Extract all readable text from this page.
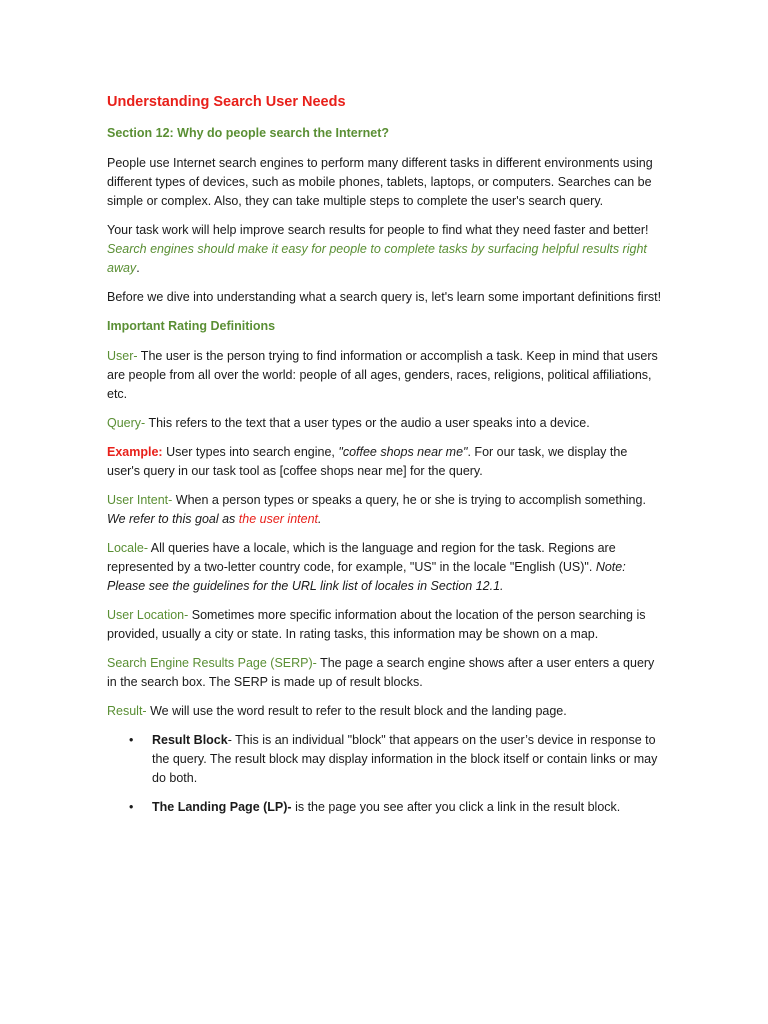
Understanding Search User Needs
Section 12: Why do people search the Internet?

People use Internet search engines to perform many different tasks in different environments using different types of devices, such as mobile phones, tablets, laptops, or computers. Searches can be simple or complex. Also, they can take multiple steps to complete the user's search query.

Your task work will help improve search results for people to find what they need faster and better! Search engines should make it easy for people to complete tasks by surfacing helpful results right away.

Before we dive into understanding what a search query is, let's learn some important definitions first!

Important Rating Definitions

User- The user is the person trying to find information or accomplish a task. Keep in mind that users are people from all over the world: people of all ages, genders, races, religions, political affiliations, etc.

Query- This refers to the text that a user types or the audio a user speaks into a device.

Example: User types into search engine, "coffee shops near me". For our task, we display the user's query in our task tool as [coffee shops near me] for the query.

User Intent- When a person types or speaks a query, he or she is trying to accomplish something. We refer to this goal as the user intent.

Locale- All queries have a locale, which is the language and region for the task. Regions are represented by a two-letter country code, for example, "US" in the locale "English (US)". Note: Please see the guidelines for the URL link list of locales in Section 12.1.

User Location- Sometimes more specific information about the location of the person searching is provided, usually a city or state. In rating tasks, this information may be shown on a map.

Search Engine Results Page (SERP)- The page a search engine shows after a user enters a query in the search box. The SERP is made up of result blocks.

Result- We will use the word result to refer to the result block and the landing page.

• Result Block- This is an individual "block" that appears on the user’s device in response to the query. The result block may display information in the block itself or contain links or may do both.
• The Landing Page (LP)- is the page you see after you click a link in the result block.
